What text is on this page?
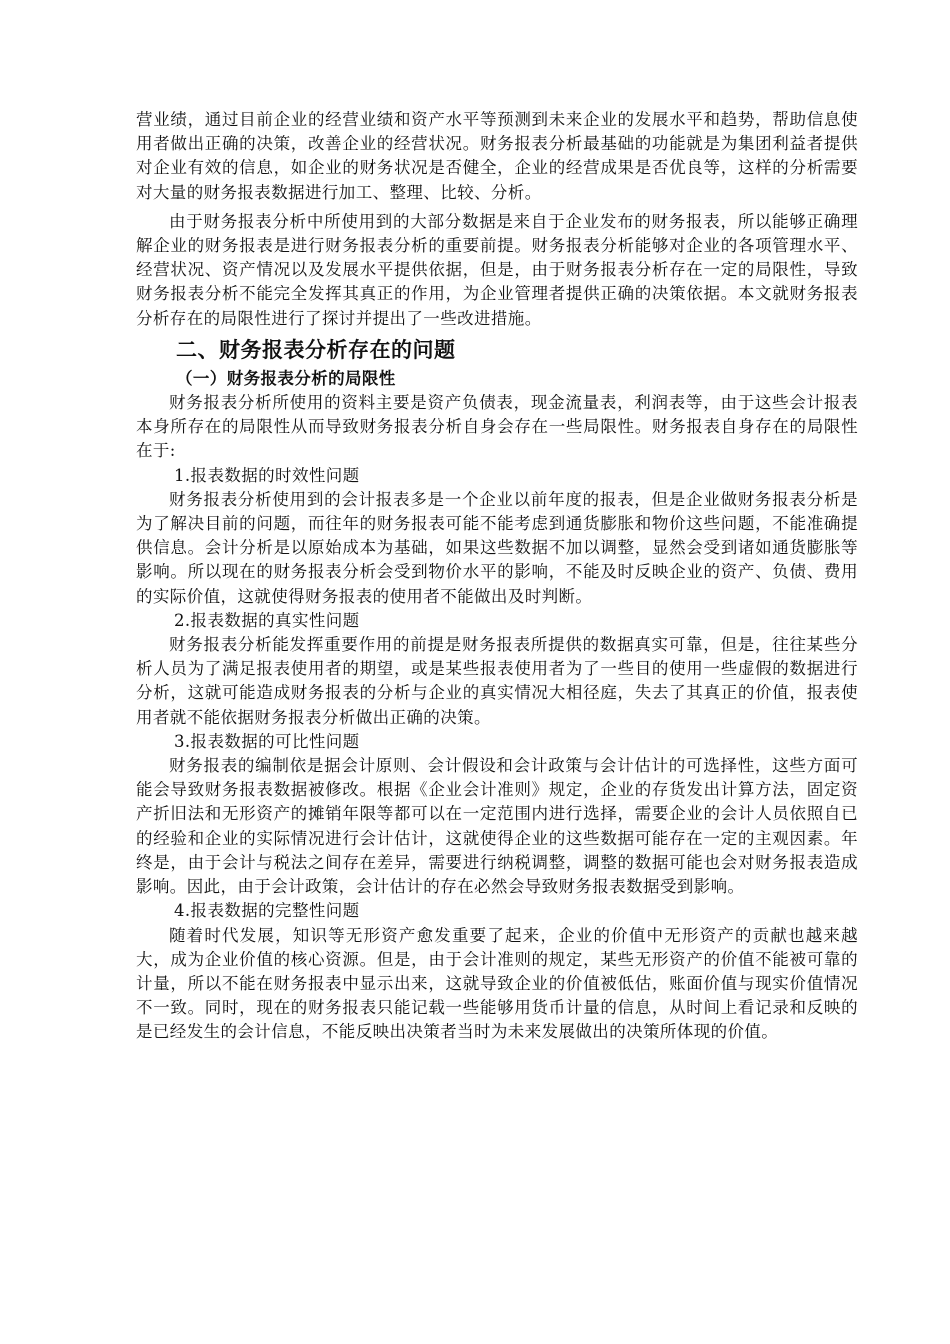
营业绩，通过目前企业的经营业绩和资产水平等预测到未来企业的发展水平和趋势，帮助信息使用者做出正确的决策，改善企业的经营状况。财务报表分析最基础的功能就是为集团利益者提供对企业有效的信息，如企业的财务状况是否健全，企业的经营成果是否优良等，这样的分析需要对大量的财务报表数据进行加工、整理、比较、分析。

由于财务报表分析中所使用到的大部分数据是来自于企业发布的财务报表，所以能够正确理解企业的财务报表是进行财务报表分析的重要前提。财务报表分析能够对企业的各项管理水平、经营状况、资产情况以及发展水平提供依据，但是，由于财务报表分析存在一定的局限性，导致财务报表分析不能完全发挥其真正的作用，为企业管理者提供正确的决策依据。本文就财务报表分析存在的局限性进行了探讨并提出了一些改进措施。

二、财务报表分析存在的问题
（一）财务报表分析的局限性

财务报表分析所使用的资料主要是资产负债表，现金流量表，利润表等，由于这些会计报表本身所存在的局限性从而导致财务报表分析自身会存在一些局限性。财务报表自身存在的局限性在于:

1.报表数据的时效性问题

财务报表分析使用到的会计报表多是一个企业以前年度的报表，但是企业做财务报表分析是为了解决目前的问题，而往年的财务报表可能不能考虑到通货膨胀和物价这些问题，不能准确提供信息。会计分析是以原始成本为基础，如果这些数据不加以调整，显然会受到诸如通货膨胀等影响。所以现在的财务报表分析会受到物价水平的影响，不能及时反映企业的资产、负债、费用的实际价值，这就使得财务报表的使用者不能做出及时判断。

2.报表数据的真实性问题

财务报表分析能发挥重要作用的前提是财务报表所提供的数据真实可靠，但是，往往某些分析人员为了满足报表使用者的期望，或是某些报表使用者为了一些目的使用一些虚假的数据进行分析，这就可能造成财务报表的分析与企业的真实情况大相径庭，失去了其真正的价值，报表使用者就不能依据财务报表分析做出正确的决策。

3.报表数据的可比性问题

财务报表的编制依是据会计原则、会计假设和会计政策与会计估计的可选择性，这些方面可能会导致财务报表数据被修改。根据《企业会计准则》规定，企业的存货发出计算方法，固定资产折旧法和无形资产的摊销年限等都可以在一定范围内进行选择，需要企业的会计人员依照自已的经验和企业的实际情况进行会计估计，这就使得企业的这些数据可能存在一定的主观因素。年终是，由于会计与税法之间存在差异，需要进行纳税调整，调整的数据可能也会对财务报表造成影响。因此，由于会计政策，会计估计的存在必然会导致财务报表数据受到影响。

4.报表数据的完整性问题

随着时代发展，知识等无形资产愈发重要了起来，企业的价值中无形资产的贡献也越来越大，成为企业价值的核心资源。但是，由于会计准则的规定，某些无形资产的价值不能被可靠的计量，所以不能在财务报表中显示出来，这就导致企业的价值被低估，账面价值与现实价值情况不一致。同时，现在的财务报表只能记载一些能够用货币计量的信息，从时间上看记录和反映的是已经发生的会计信息，不能反映出决策者当时为未来发展做出的决策所体现的价值。
